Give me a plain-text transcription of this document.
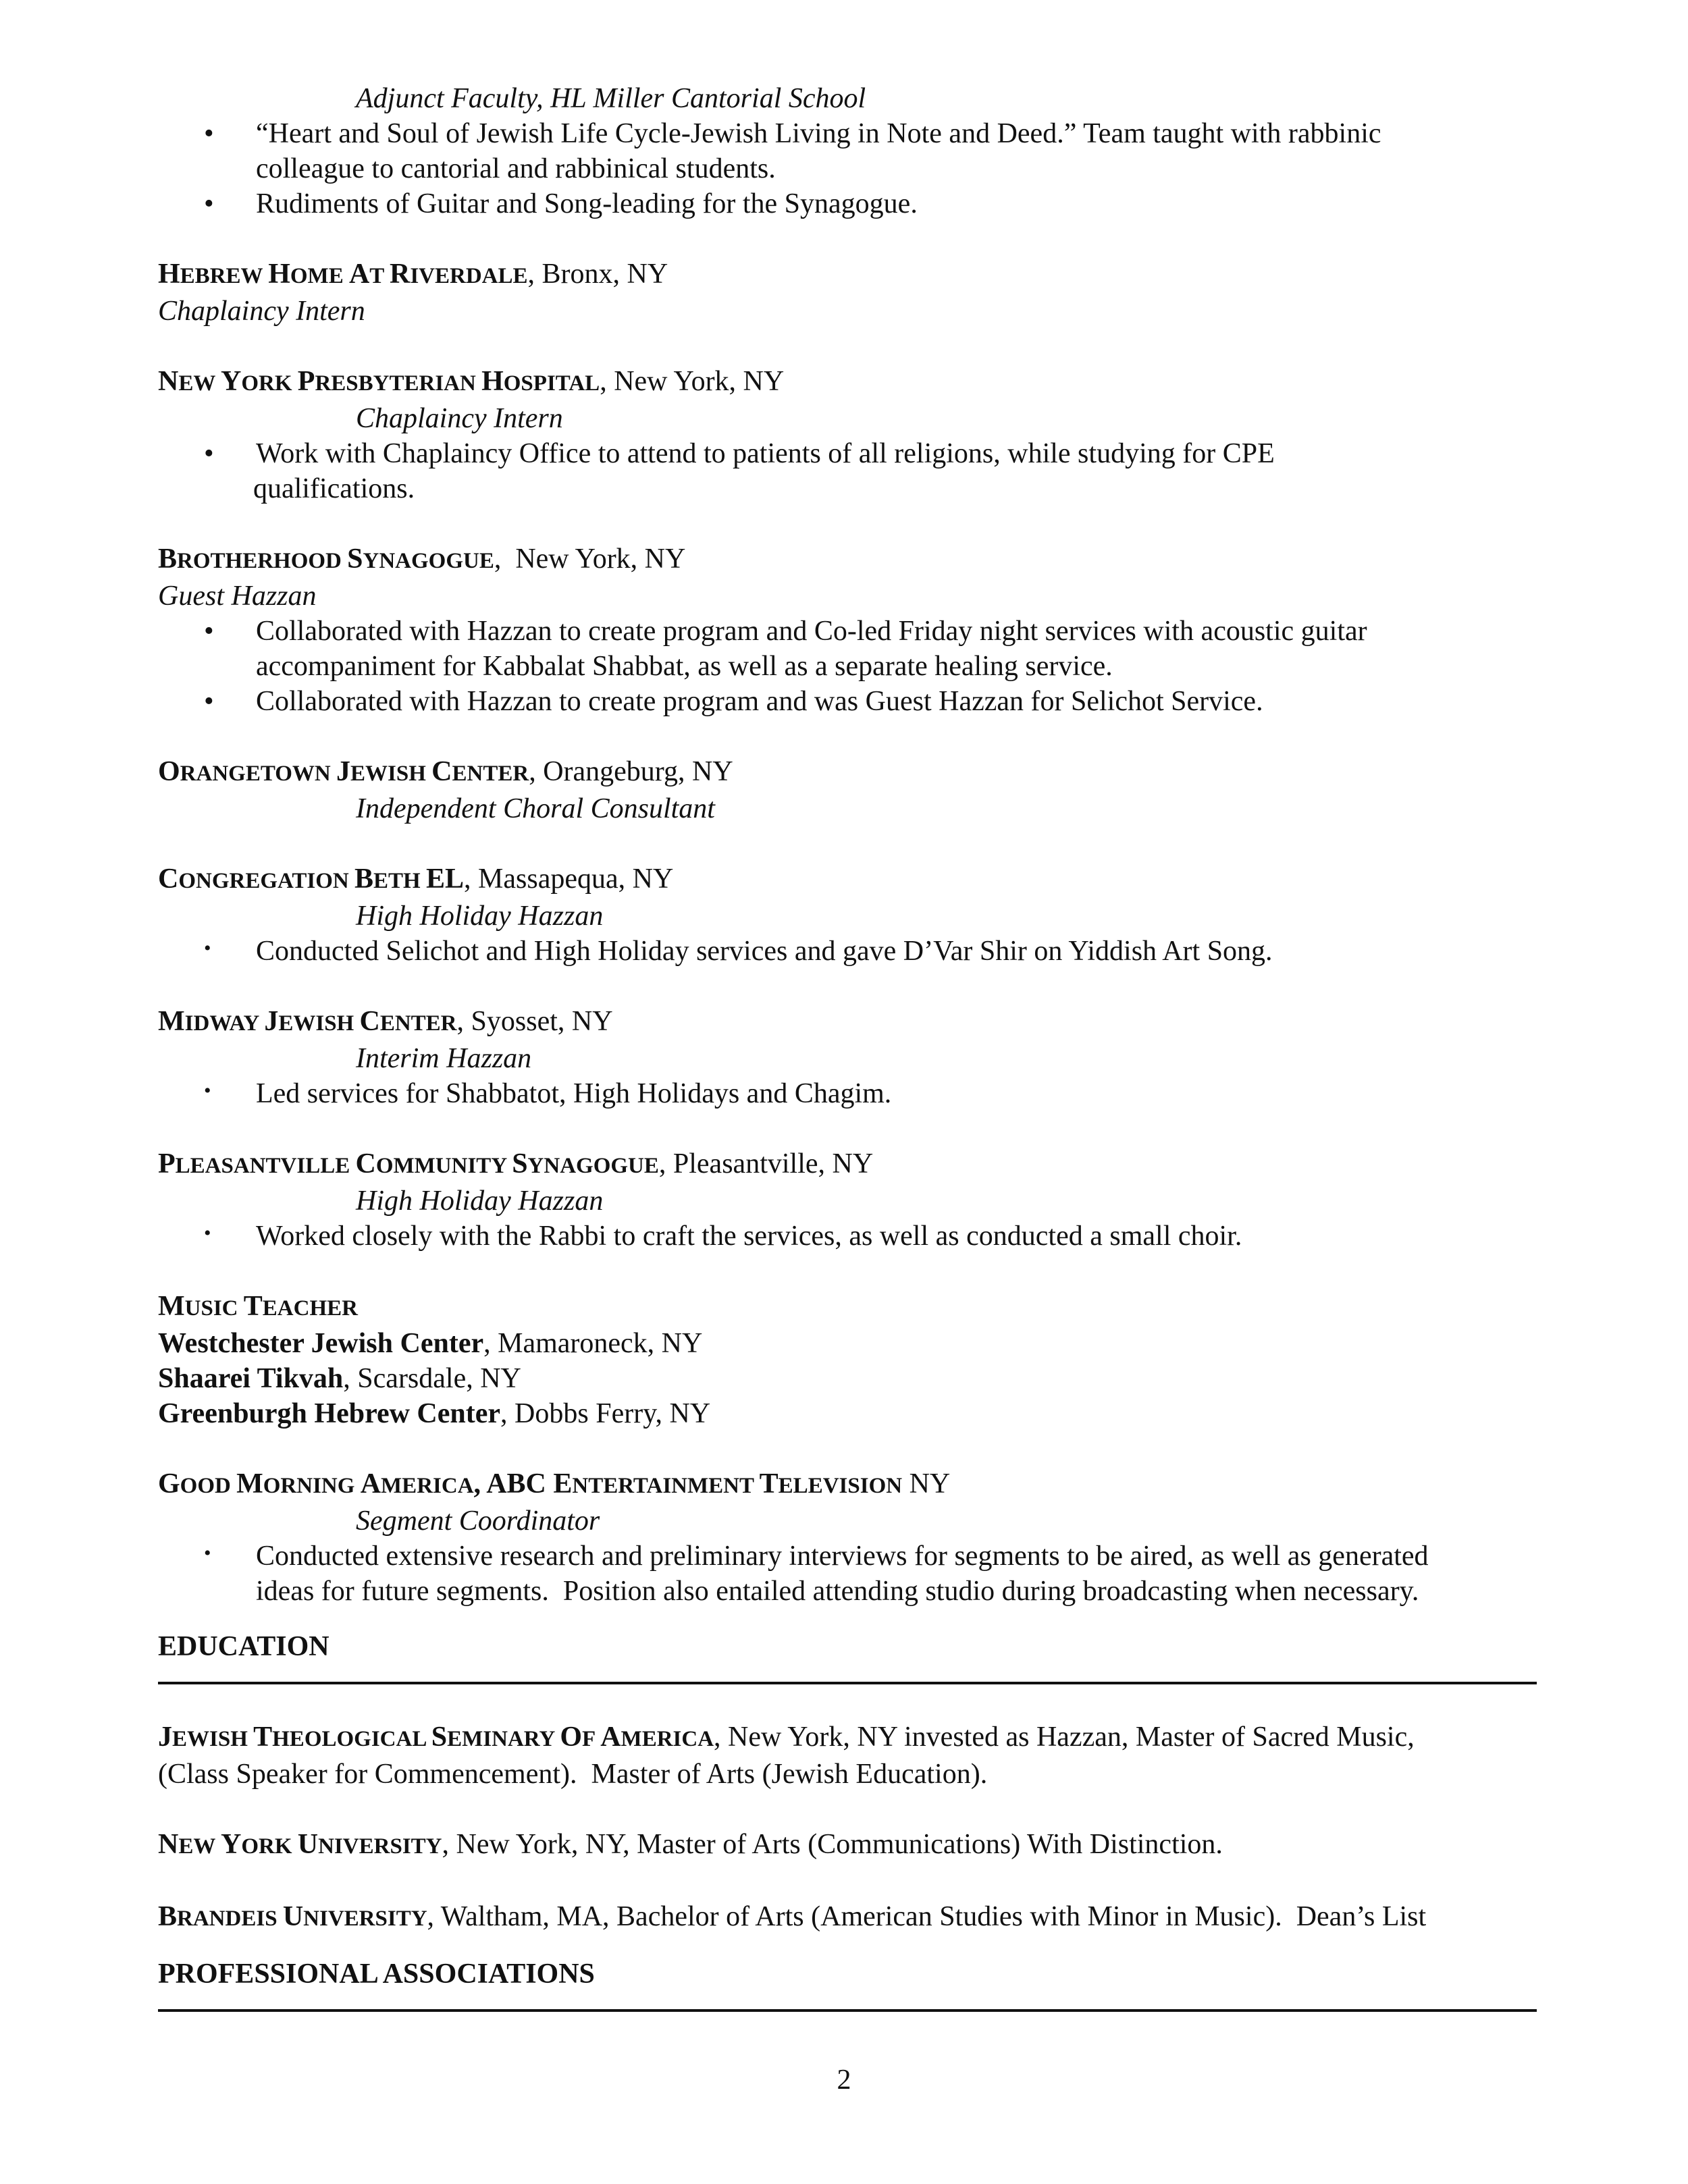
Adjunct Faculty, HL Miller Cantorial School
• “Heart and Soul of Jewish Life Cycle-Jewish Living in Note and Deed.” Team taught with rabbinic
colleague to cantorial and rabbinical students.
• Rudiments of Guitar and Song-leading for the Synagogue.
HEBREW HOME AT RIVERDALE, Bronx, NY
Chaplaincy Intern
NEW YORK PRESBYTERIAN HOSPITAL, New York, NY
Chaplaincy Intern
• Work with Chaplaincy Office to attend to patients of all religions, while studying for CPE
qualifications.
BROTHERHOOD SYNAGOGUE,  New York, NY
Guest Hazzan
• Collaborated with Hazzan to create program and Co-led Friday night services with acoustic guitar
accompaniment for Kabbalat Shabbat, as well as a separate healing service.
• Collaborated with Hazzan to create program and was Guest Hazzan for Selichot Service.
ORANGETOWN JEWISH CENTER, Orangeburg, NY
Independent Choral Consultant
CONGREGATION BETH EL, Massapequa, NY
High Holiday Hazzan
• Conducted Selichot and High Holiday services and gave D’Var Shir on Yiddish Art Song.
MIDWAY JEWISH CENTER, Syosset, NY
Interim Hazzan
• Led services for Shabbatot, High Holidays and Chagim.
PLEASANTVILLE COMMUNITY SYNAGOGUE, Pleasantville, NY
High Holiday Hazzan
• Worked closely with the Rabbi to craft the services, as well as conducted a small choir.
MUSIC TEACHER
Westchester Jewish Center, Mamaroneck, NY
Shaarei Tikvah, Scarsdale, NY
Greenburgh Hebrew Center, Dobbs Ferry, NY
GOOD MORNING AMERICA, ABC ENTERTAINMENT TELEVISION NY
Segment Coordinator
• Conducted extensive research and preliminary interviews for segments to be aired, as well as generated
ideas for future segments.  Position also entailed attending studio during broadcasting when necessary.
EDUCATION
JEWISH THEOLOGICAL SEMINARY OF AMERICA, New York, NY invested as Hazzan, Master of Sacred Music,
(Class Speaker for Commencement).  Master of Arts (Jewish Education).
NEW YORK UNIVERSITY, New York, NY, Master of Arts (Communications) With Distinction.
BRANDEIS UNIVERSITY, Waltham, MA, Bachelor of Arts (American Studies with Minor in Music).  Dean’s List
PROFESSIONAL ASSOCIATIONS
2
